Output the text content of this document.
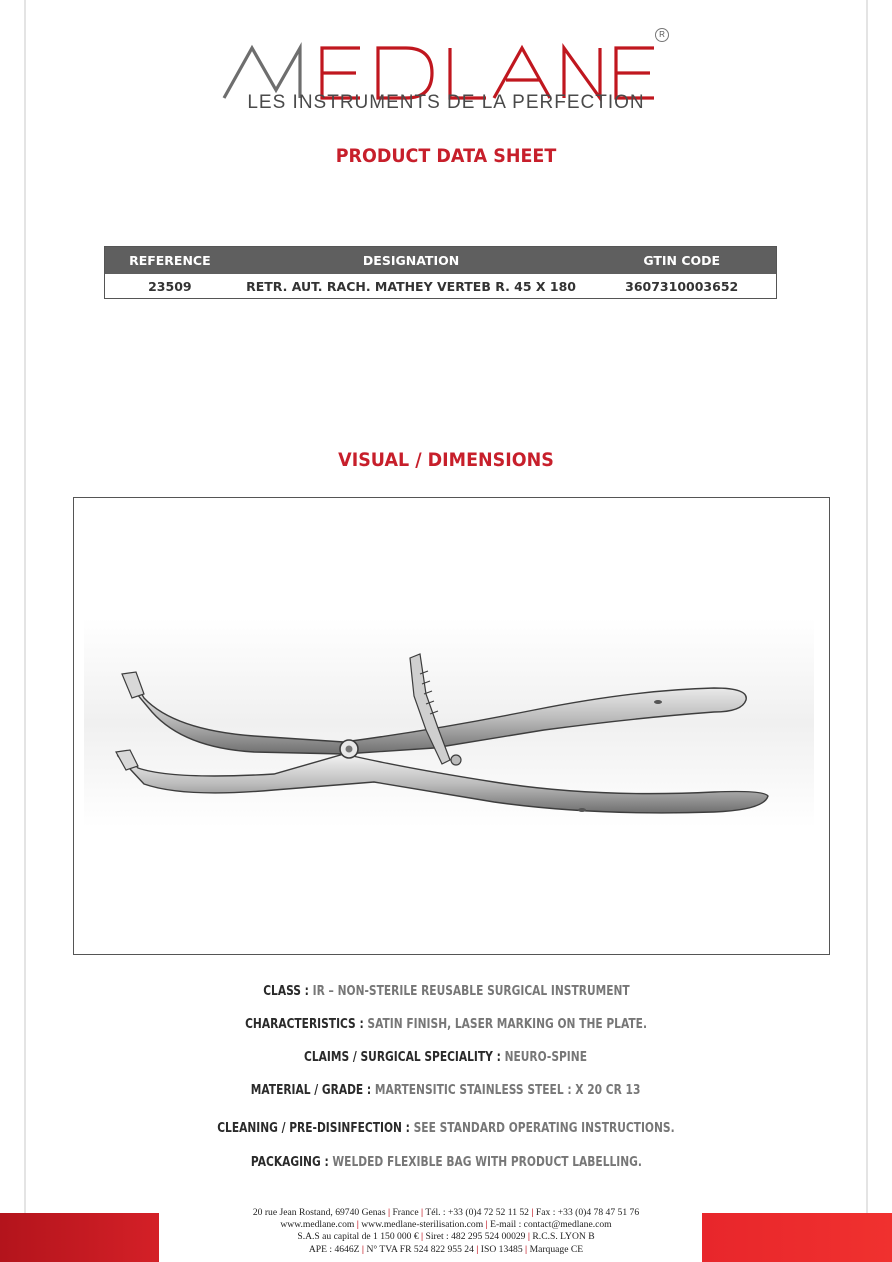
R
LES INSTRUMENTS DE LA PERFECTION
PRODUCT DATA SHEET
REFERENCE	DESIGNATION	GTIN CODE
23509	RETR. AUT. RACH. MATHEY VERTEB R. 45 X 180	3607310003652
VISUAL / DIMENSIONS
CLASS : IR – NON-STERILE REUSABLE SURGICAL INSTRUMENT
CHARACTERISTICS : SATIN FINISH, LASER MARKING ON THE PLATE.
CLAIMS / SURGICAL SPECIALITY : NEURO-SPINE
MATERIAL / GRADE : MARTENSITIC STAINLESS STEEL : X 20 CR 13
CLEANING / PRE-DISINFECTION : SEE STANDARD OPERATING INSTRUCTIONS.
PACKAGING : WELDED FLEXIBLE BAG WITH PRODUCT LABELLING.
20 rue Jean Rostand, 69740 Genas | France | Tél. : +33 (0)4 72 52 11 52 | Fax : +33 (0)4 78 47 51 76
www.medlane.com | www.medlane-sterilisation.com | E-mail : contact@medlane.com
S.A.S au capital de 1 150 000 € | Siret : 482 295 524 00029 | R.C.S. LYON B
APE : 4646Z | N° TVA FR 524 822 955 24 | ISO 13485 | Marquage CE
